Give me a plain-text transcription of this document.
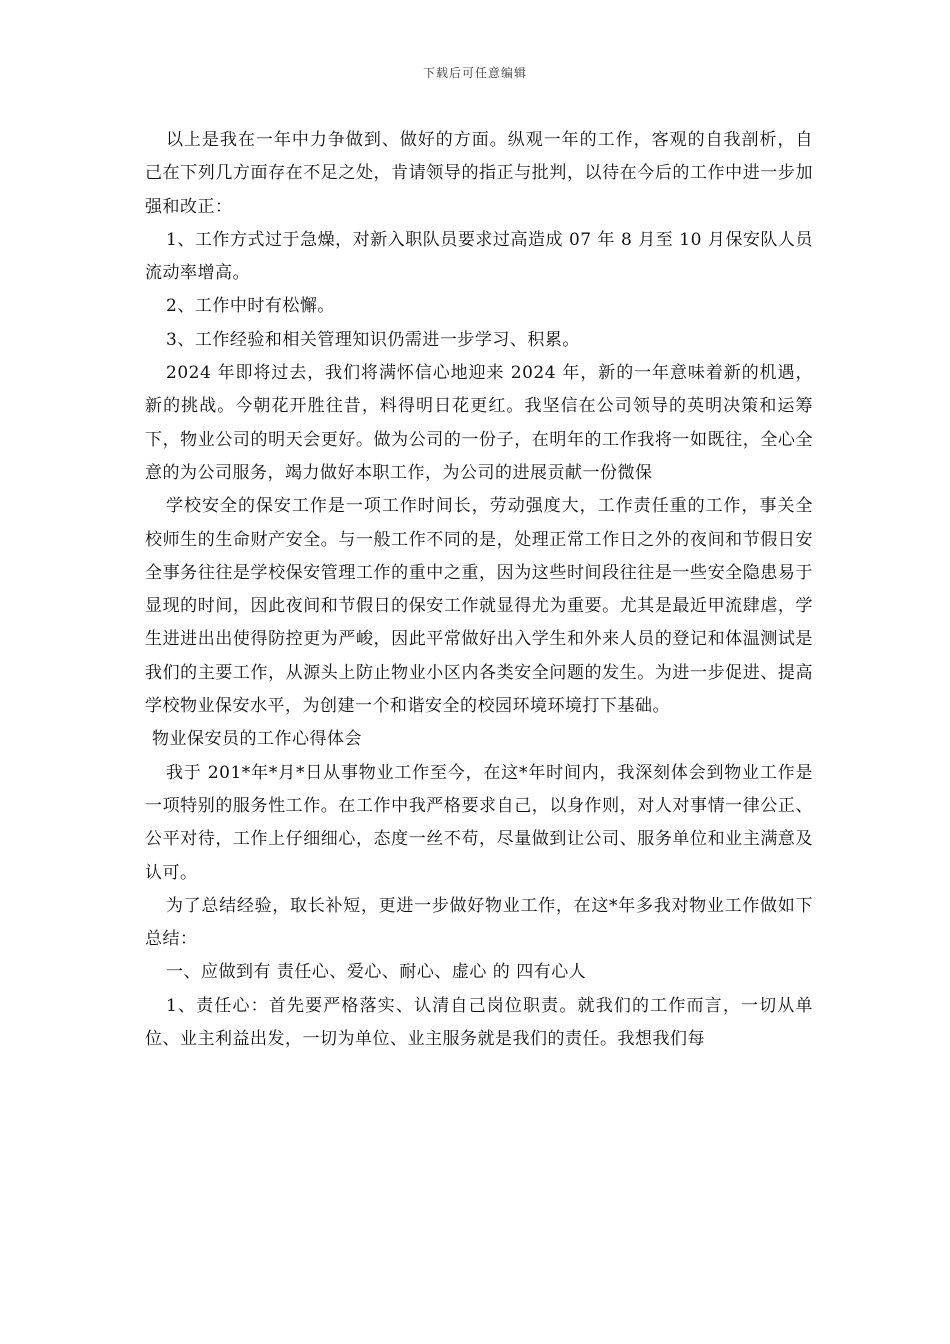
下载后可任意编辑

以上是我在一年中力争做到、做好的方面。纵观一年的工作，客观的自我剖析，自己在下列几方面存在不足之处，肯请领导的指正与批判，以待在今后的工作中进一步加强和改正：

1、工作方式过于急燥，对新入职队员要求过高造成 07 年 8 月至 10 月保安队人员流动率增高。

2、工作中时有松懈。

3、工作经验和相关管理知识仍需进一步学习、积累。

2024 年即将过去，我们将满怀信心地迎来 2024 年，新的一年意味着新的机遇，新的挑战。今朝花开胜往昔，料得明日花更红。我坚信在公司领导的英明决策和运筹下，物业公司的明天会更好。做为公司的一份子，在明年的工作我将一如既往，全心全意的为公司服务，竭力做好本职工作，为公司的进展贡献一份微保

学校安全的保安工作是一项工作时间长，劳动强度大，工作责任重的工作，事关全校师生的生命财产安全。与一般工作不同的是，处理正常工作日之外的夜间和节假日安全事务往往是学校保安管理工作的重中之重，因为这些时间段往往是一些安全隐患易于显现的时间，因此夜间和节假日的保安工作就显得尤为重要。尤其是最近甲流肆虐，学生进进出出使得防控更为严峻，因此平常做好出入学生和外来人员的登记和体温测试是我们的主要工作，从源头上防止物业小区内各类安全问题的发生。为进一步促进、提高学校物业保安水平，为创建一个和谐安全的校园环境环境打下基础。

物业保安员的工作心得体会

我于 201*年*月*日从事物业工作至今，在这*年时间内，我深刻体会到物业工作是一项特别的服务性工作。在工作中我严格要求自己，以身作则，对人对事情一律公正、公平对待，工作上仔细细心，态度一丝不苟，尽量做到让公司、服务单位和业主满意及认可。

为了总结经验，取长补短，更进一步做好物业工作，在这*年多我对物业工作做如下总结：

一、应做到有 责任心、爱心、耐心、虚心 的 四有心人

1、责任心：首先要严格落实、认清自己岗位职责。就我们的工作而言，一切从单位、业主利益出发，一切为单位、业主服务就是我们的责任。我想我们每
